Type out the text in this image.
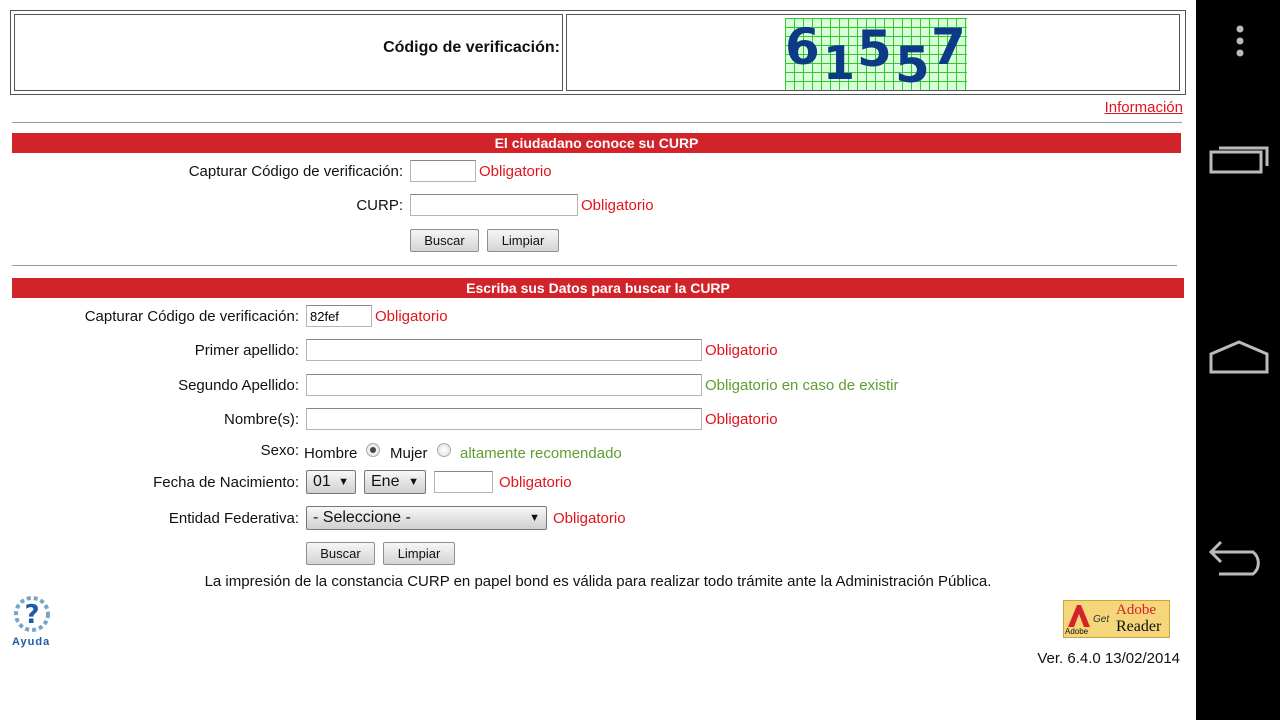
Código de verificación:	6 1 5 5 7
Información
El ciudadano conoce su CURP
Capturar Código de verificación:	Obligatorio
CURP:	Obligatorio
Buscar	Limpiar
Escriba sus Datos para buscar la CURP
Capturar Código de verificación:
82fef	Obligatorio
Primer apellido:	Obligatorio
Segundo Apellido:	Obligatorio en caso de existir
Nombre(s):	Obligatorio
Sexo: Hombre Mujer altamente recomendado
Fecha de Nacimiento: 01 ▼	Ene ▼	Obligatorio
Entidad Federativa: - Seleccione -	▼ Obligatorio
Buscar	Limpiar
La impresión de la constancia CURP en papel bond es válida para realizar todo trámite ante la Administración Pública.
?
Ayuda
Adobe
Get
Adobe
Reader
Ver. 6.4.0 13/02/2014
